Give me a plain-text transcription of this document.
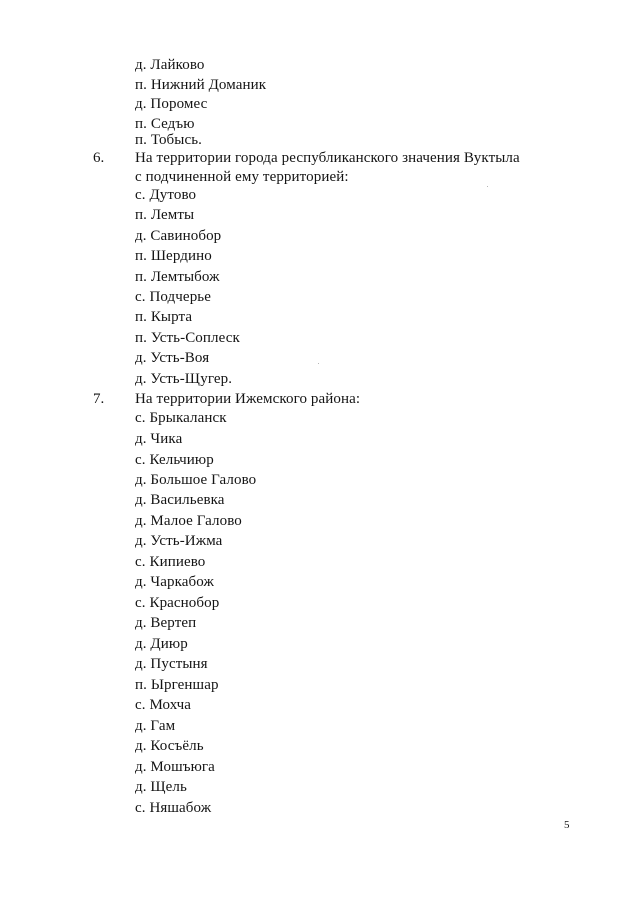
д. Лайково
п. Нижний Доманик
д. Поромес
п. Седъю
п. Тобысь.
6. На территории города республиканского значения Вуктыла
с подчиненной ему территорией:
с. Дутово
п. Лемты
д. Савинобор
п. Шердино
п. Лемтыбож
с. Подчерье
п. Кырта
п. Усть-Соплеск
д. Усть-Воя
д. Усть-Щугер.
7. На территории Ижемского района:
с. Брыкаланск
д. Чика
с. Кельчиюр
д. Большое Галово
д. Васильевка
д. Малое Галово
д. Усть-Ижма
с. Кипиево
д. Чаркабож
с. Краснобор
д. Вертеп
д. Диюр
д. Пустыня
п. Ыргеншар
с. Мохча
д. Гам
д. Косъёль
д. Мошъюга
д. Щель
с. Няшабож
5
